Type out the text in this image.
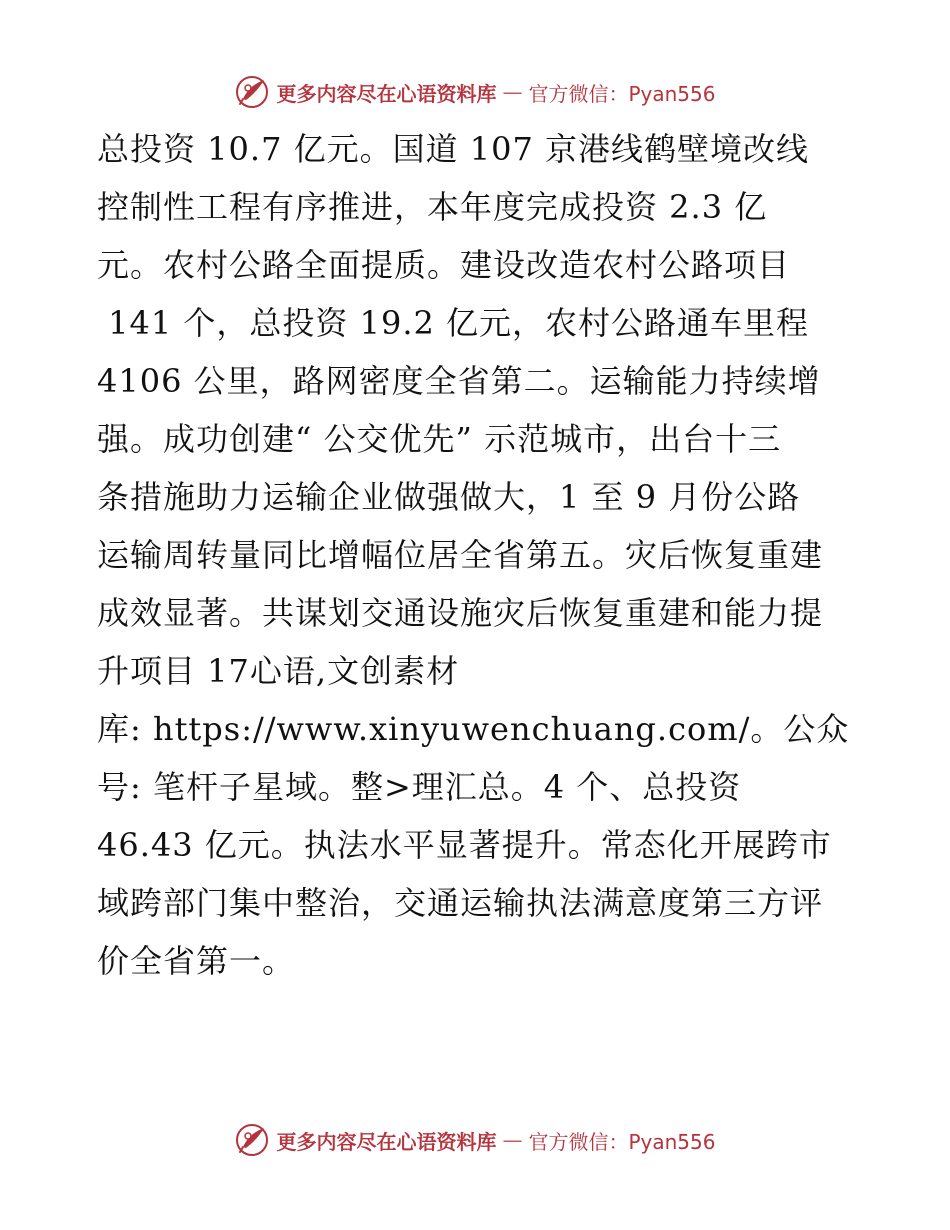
更多内容尽在心语资料库 — 官方微信：Pyan556
总投资 10.7 亿元。国道 107 京港线鹤壁境改线
控制性工程有序推进，本年度完成投资 2.3 亿
元。农村公路全面提质。建设改造农村公路项目
141 个，总投资 19.2 亿元，农村公路通车里程
4106 公里，路网密度全省第二。运输能力持续增
强。成功创建“ 公交优先” 示范城市，出台十三
条措施助力运输企业做强做大，1 至 9 月份公路
运输周转量同比增幅位居全省第五。灾后恢复重建
成效显著。共谋划交通设施灾后恢复重建和能力提
升项目 17心语,文创素材
库: https://www.xinyuwenchuang.com/。公众
号: 笔杆子星域。整>理汇总。4 个、总投资
46.43 亿元。执法水平显著提升。常态化开展跨市
域跨部门集中整治，交通运输执法满意度第三方评
价全省第一。
更多内容尽在心语资料库 — 官方微信：Pyan556
